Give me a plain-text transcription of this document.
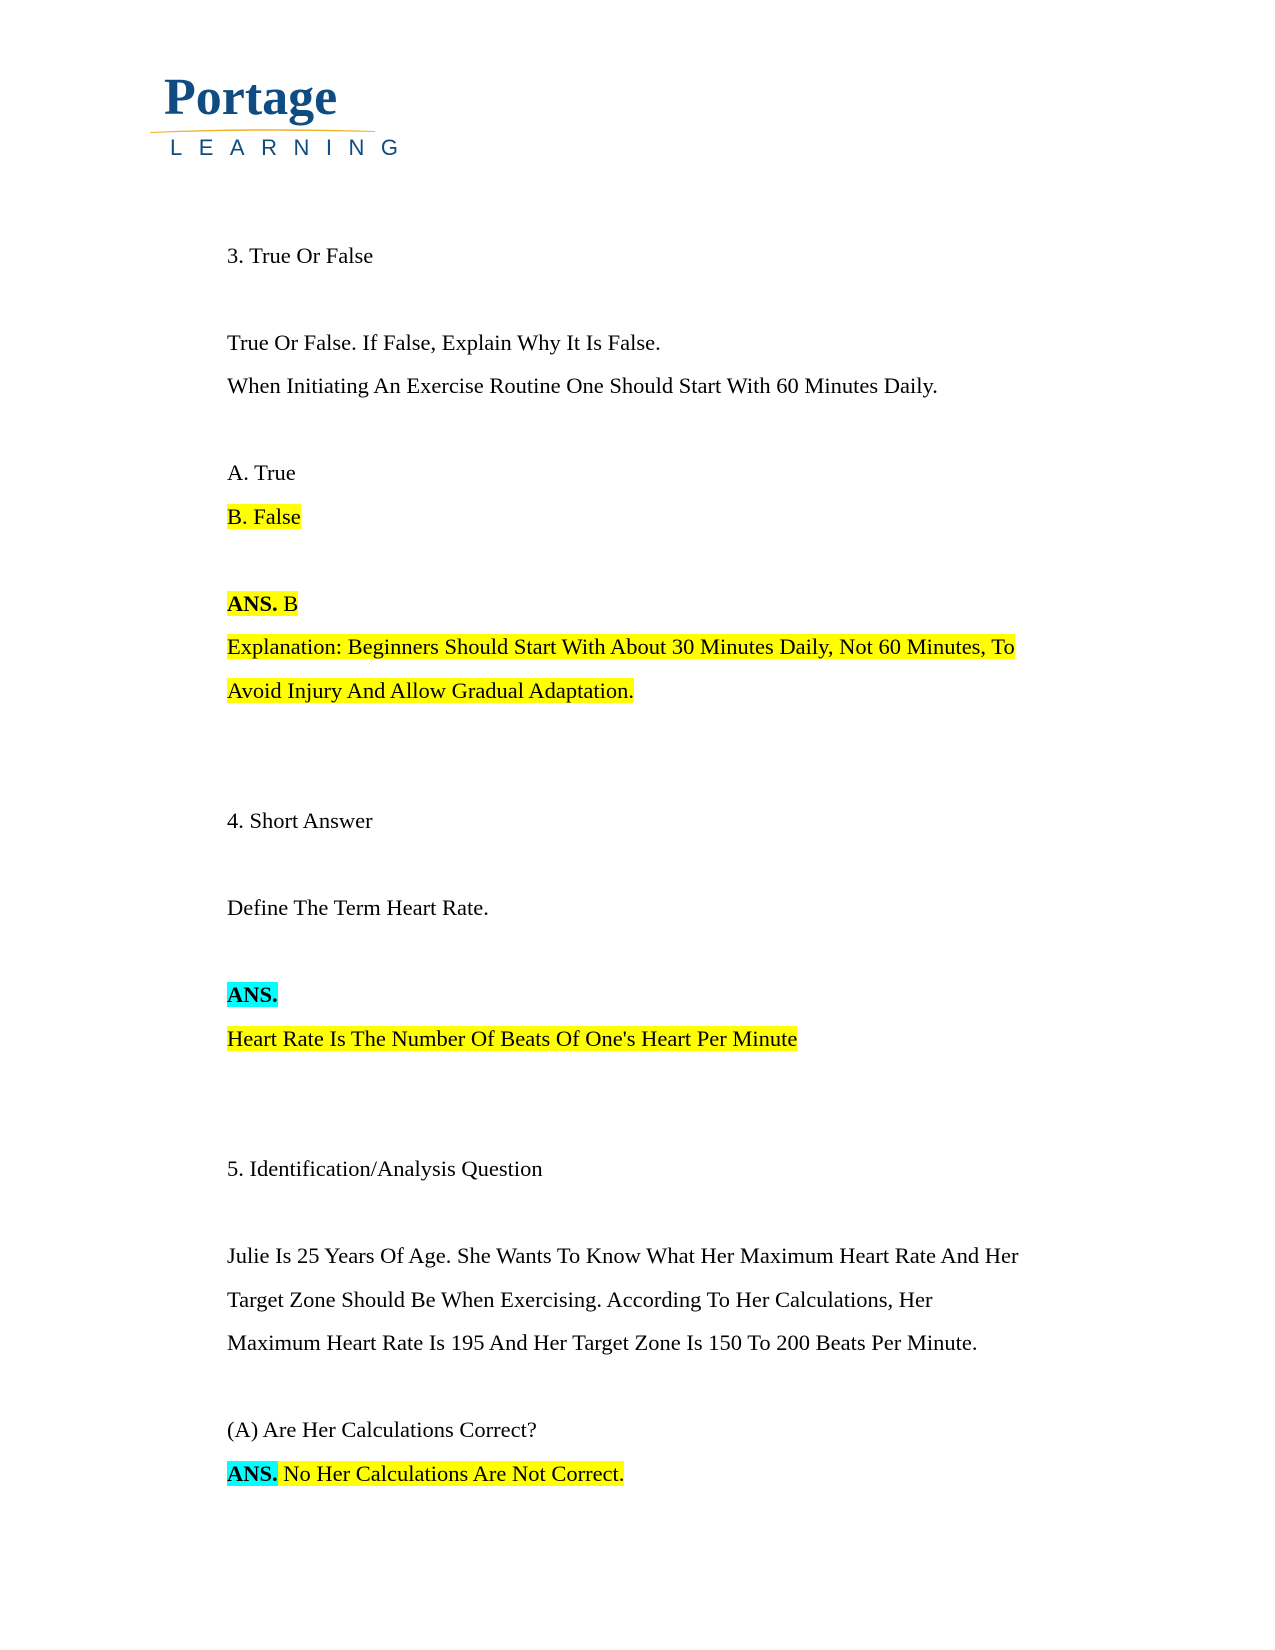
Portage
LEARNING
3. True Or False
True Or False. If False, Explain Why It Is False.
When Initiating An Exercise Routine One Should Start With 60 Minutes Daily.
A. True
B. False
ANS. B
Explanation: Beginners Should Start With About 30 Minutes Daily, Not 60 Minutes, To
Avoid Injury And Allow Gradual Adaptation.
4. Short Answer
Define The Term Heart Rate.
ANS.
Heart Rate Is The Number Of Beats Of One's Heart Per Minute
5. Identification/Analysis Question
Julie Is 25 Years Of Age. She Wants To Know What Her Maximum Heart Rate And Her
Target Zone Should Be When Exercising. According To Her Calculations, Her
Maximum Heart Rate Is 195 And Her Target Zone Is 150 To 200 Beats Per Minute.
(A) Are Her Calculations Correct?
ANS. No Her Calculations Are Not Correct.
